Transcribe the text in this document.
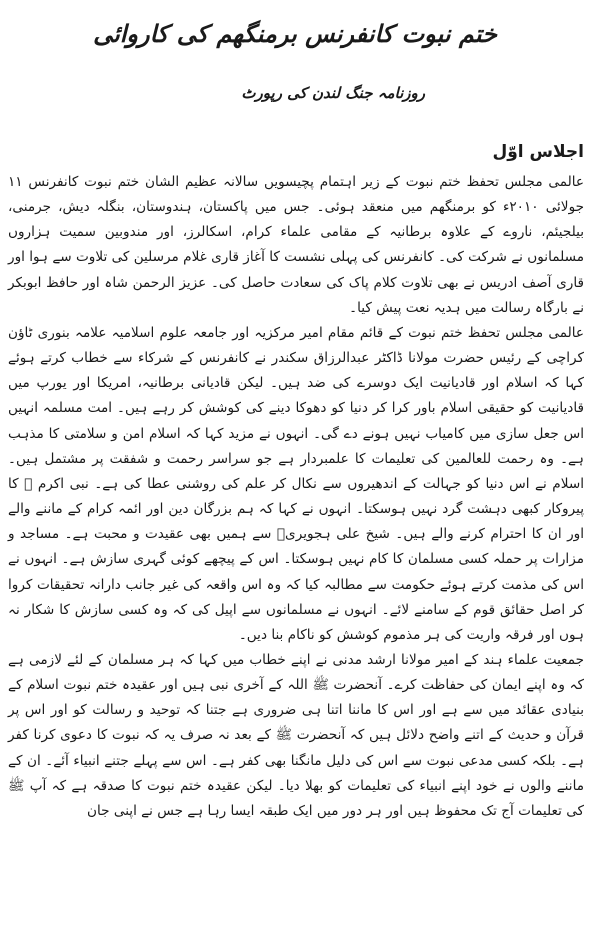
ختم نبوت کانفرنس برمنگھم کی کاروائی
روزنامہ جنگ لندن کی رپورٹ
اجلاس اوّل

عالمی مجلس تحفظ ختم نبوت کے زیر اہتمام پچیسویں سالانہ عظیم الشان ختم نبوت کانفرنس ۱۱ جولائی ۲۰۱۰ء کو برمنگھم میں منعقد ہوئی۔ جس میں پاکستان، ہندوستان، بنگلہ دیش، جرمنی، بیلجیئم، ناروے کے علاوہ برطانیہ کے مقامی علماء کرام، اسکالرز، اور مندوبین سمیت ہزاروں مسلمانوں نے شرکت کی۔ کانفرنس کی پہلی نشست کا آغاز قاری غلام مرسلین کی تلاوت سے ہوا اور قاری آصف ادریس نے بھی تلاوت کلام پاک کی سعادت حاصل کی۔ عزیز الرحمن شاہ اور حافظ ابوبکر نے بارگاہ رسالت میں ہدیہ نعت پیش کیا۔

عالمی مجلس تحفظ ختم نبوت کے قائم مقام امیر مرکزیہ اور جامعہ علوم اسلامیہ علامہ بنوری ٹاؤن کراچی کے رئیس حضرت مولانا ڈاکٹر عبدالرزاق سکندر نے کانفرنس کے شرکاء سے خطاب کرتے ہوئے کہا کہ اسلام اور قادیانیت ایک دوسرے کی ضد ہیں۔ لیکن قادیانی برطانیہ، امریکا اور یورپ میں قادیانیت کو حقیقی اسلام باور کرا کر دنیا کو دھوکا دینے کی کوشش کر رہے ہیں۔ امت مسلمہ انہیں اس جعل سازی میں کامیاب نہیں ہونے دے گی۔ انہوں نے مزید کہا کہ اسلام امن و سلامتی کا مذہب ہے۔ وہ رحمت للعالمین کی تعلیمات کا علمبردار ہے جو سراسر رحمت و شفقت پر مشتمل ہیں۔ اسلام نے اس دنیا کو جہالت کے اندھیروں سے نکال کر علم کی روشنی عطا کی ہے۔ نبی اکرم ﷺ کا پیروکار کبھی دہشت گرد نہیں ہوسکتا۔ انہوں نے کہا کہ ہم بزرگان دین اور ائمہ کرام کے ماننے والے اور ان کا احترام کرنے والے ہیں۔ شیخ علی ہجویریؒ سے ہمیں بھی عقیدت و محبت ہے۔ مساجد و مزارات پر حملہ کسی مسلمان کا کام نہیں ہوسکتا۔ اس کے پیچھے کوئی گہری سازش ہے۔ انہوں نے اس کی مذمت کرتے ہوئے حکومت سے مطالبہ کیا کہ وہ اس واقعہ کی غیر جانب دارانہ تحقیقات کروا کر اصل حقائق قوم کے سامنے لائے۔ انہوں نے مسلمانوں سے اپیل کی کہ وہ کسی سازش کا شکار نہ ہوں اور فرقہ واریت کی ہر مذموم کوشش کو ناکام بنا دیں۔

جمعیت علماء ہند کے امیر مولانا ارشد مدنی نے اپنے خطاب میں کہا کہ ہر مسلمان کے لئے لازمی ہے کہ وہ اپنے ایمان کی حفاظت کرے۔ آنحضرت ﷺ اللہ کے آخری نبی ہیں اور عقیدہ ختم نبوت اسلام کے بنیادی عقائد میں سے ہے اور اس کا ماننا اتنا ہی ضروری ہے جتنا کہ توحید و رسالت کو اور اس پر قرآن و حدیث کے اتنے واضح دلائل ہیں کہ آنحضرت ﷺ کے بعد نہ صرف یہ کہ نبوت کا دعوی کرنا کفر ہے۔ بلکہ کسی مدعی نبوت سے اس کی دلیل مانگنا بھی کفر ہے۔ اس سے پہلے جتنے انبیاء آئے۔ ان کے ماننے والوں نے خود اپنے انبیاء کی تعلیمات کو بھلا دیا۔ لیکن عقیدہ ختم نبوت کا صدقہ ہے کہ آپ ﷺ کی تعلیمات آج تک محفوظ ہیں اور ہر دور میں ایک طبقہ ایسا رہا ہے جس نے اپنی جان
